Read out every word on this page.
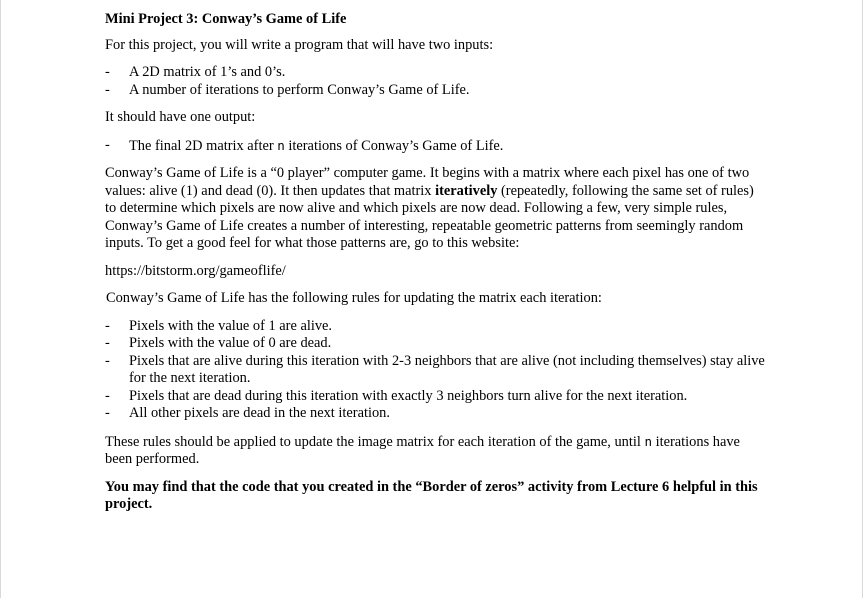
Mini Project 3: Conway’s Game of Life

For this project, you will write a program that will have two inputs:

- A 2D matrix of 1’s and 0’s.
- A number of iterations to perform Conway’s Game of Life.

It should have one output:

- The final 2D matrix after n iterations of Conway’s Game of Life.

Conway’s Game of Life is a “0 player” computer game. It begins with a matrix where each pixel has one of two values: alive (1) and dead (0). It then updates that matrix iteratively (repeatedly, following the same set of rules) to determine which pixels are now alive and which pixels are now dead. Following a few, very simple rules, Conway’s Game of Life creates a number of interesting, repeatable geometric patterns from seemingly random inputs. To get a good feel for what those patterns are, go to this website:

https://bitstorm.org/gameoflife/

Conway’s Game of Life has the following rules for updating the matrix each iteration:

- Pixels with the value of 1 are alive.
- Pixels with the value of 0 are dead.
- Pixels that are alive during this iteration with 2-3 neighbors that are alive (not including themselves) stay alive for the next iteration.
- Pixels that are dead during this iteration with exactly 3 neighbors turn alive for the next iteration.
- All other pixels are dead in the next iteration.

These rules should be applied to update the image matrix for each iteration of the game, until n iterations have been performed.

You may find that the code that you created in the “Border of zeros” activity from Lecture 6 helpful in this project.
